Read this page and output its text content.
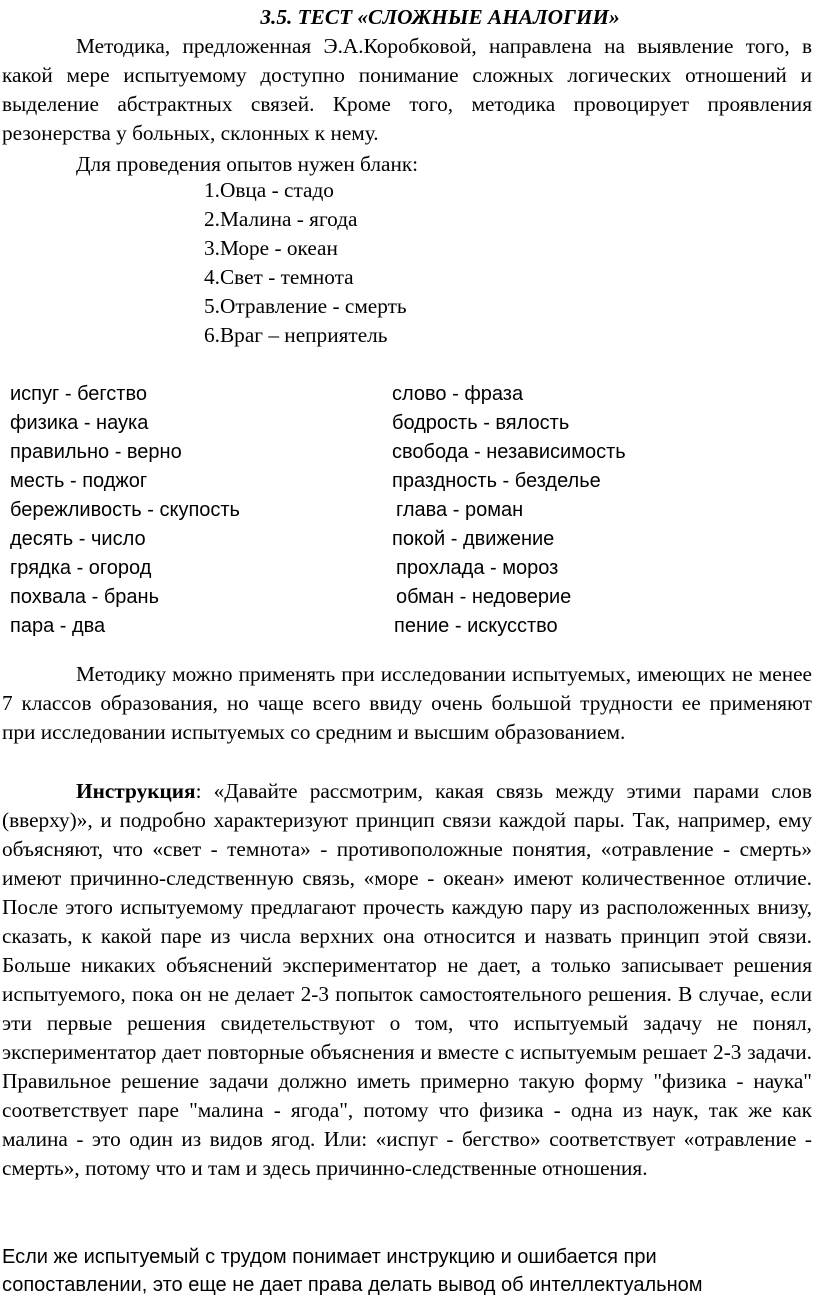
3.5. ТЕСТ «СЛОЖНЫЕ АНАЛОГИИ»
Методика, предложенная Э.А.Коробковой, направлена на выявление того, в какой мере испытуемому доступно понимание сложных логических отношений и выделение абстрактных связей. Кроме того, методика провоцирует проявления резонерства у больных, склонных к нему.
Для проведения опытов нужен бланк:
1.Овца - стадо
2.Малина - ягода
3.Море - океан
4.Свет - темнота
5.Отравление - смерть
6.Враг – неприятель
испуг - бегство
физика - наука
правильно - верно
месть - поджог
бережливость - скупость
десять - число
грядка - огород
похвала - брань
пара - два
слово - фраза
бодрость - вялость
свобода - независимость
праздность - безделье
глава - роман
покой - движение
прохлада - мороз
обман - недоверие
пение - искусство
Методику можно применять при исследовании испытуемых, имеющих не менее 7 классов образования, но чаще всего ввиду очень большой трудности ее применяют при исследовании испытуемых со средним и высшим образованием.
Инструкция: «Давайте рассмотрим, какая связь между этими парами слов (вверху)», и подробно характеризуют принцип связи каждой пары. Так, например, ему объясняют, что «свет - темнота» - противоположные понятия, «отравление - смерть» имеют причинно-следственную связь, «море - океан» имеют количественное отличие. После этого испытуемому предлагают прочесть каждую пару из расположенных внизу, сказать, к какой паре из числа верхних она относится и назвать принцип этой связи. Больше никаких объяснений экспериментатор не дает, а только записывает решения испытуемого, пока он не делает 2-3 попыток самостоятельного решения. В случае, если эти первые решения свидетельствуют о том, что испытуемый задачу не понял, экспериментатор дает повторные объяснения и вместе с испытуемым решает 2-3 задачи. Правильное решение задачи должно иметь примерно такую форму "физика - наука" соответствует паре "малина - ягода", потому что физика - одна из наук, так же как малина - это один из видов ягод. Или: «испуг - бегство» соответствует «отравление - смерть», потому что и там и здесь причинно-следственные отношения.
Если же испытуемый с трудом понимает инструкцию и ошибается при
сопоставлении, это еще не дает права делать вывод об интеллектуальном
